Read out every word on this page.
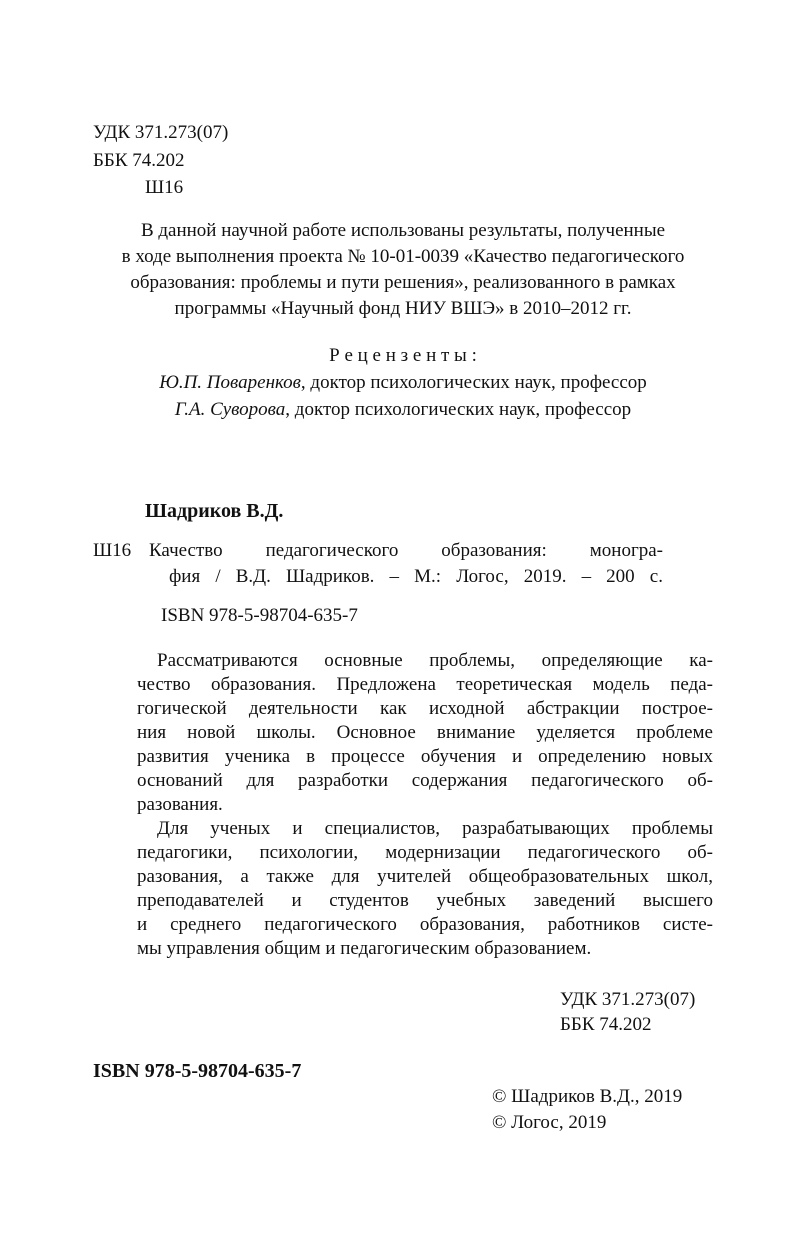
УДК 371.273(07)
ББК 74.202
Ш16
В данной научной работе использованы результаты, полученные
в ходе выполнения проекта № 10-01-0039 «Качество педагогического
образования: проблемы и пути решения», реализованного в рамках
программы «Научный фонд НИУ ВШЭ» в 2010–2012 гг.
Р е ц е н з е н т ы :
Ю.П. Поваренков, доктор психологических наук, профессор
Г.А. Суворова, доктор психологических наук, профессор
Шадриков В.Д.
Ш16 Качество педагогического образования: моногра-
фия / В.Д. Шадриков. – М.: Логос, 2019. – 200 с.
ISBN 978-5-98704-635-7
Рассматриваются основные проблемы, определяющие ка-
чество образования. Предложена теоретическая модель педа-
гогической деятельности как исходной абстракции построе-
ния новой школы. Основное внимание уделяется проблеме
развития ученика в процессе обучения и определению новых
оснований для разработки содержания педагогического об-
разования.
Для ученых и специалистов, разрабатывающих проблемы
педагогики, психологии, модернизации педагогического об-
разования, а также для учителей общеобразовательных школ,
преподавателей и студентов учебных заведений высшего
и среднего педагогического образования, работников систе-
мы управления общим и педагогическим образованием.
УДК 371.273(07)
ББК 74.202
ISBN 978-5-98704-635-7
© Шадриков В.Д., 2019
© Логос, 2019
